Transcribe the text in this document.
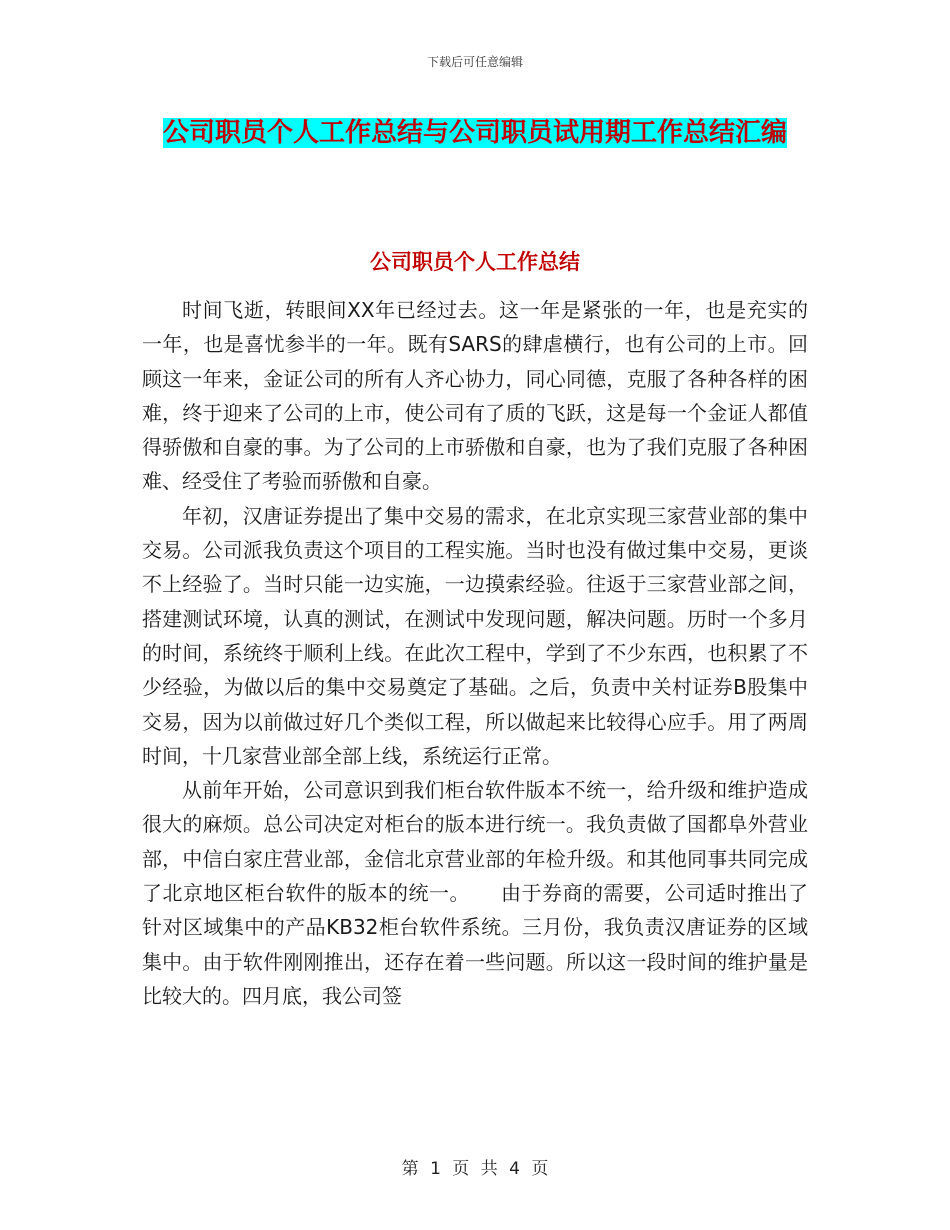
下载后可任意编辑
公司职员个人工作总结与公司职员试用期工作总结汇编
公司职员个人工作总结

时间飞逝，转眼间XX年已经过去。这一年是紧张的一年，也是充实的一年，也是喜忧参半的一年。既有SARS的肆虐横行，也有公司的上市。回顾这一年来，金证公司的所有人齐心协力，同心同德，克服了各种各样的困难，终于迎来了公司的上市，使公司有了质的飞跃，这是每一个金证人都值得骄傲和自豪的事。为了公司的上市骄傲和自豪，也为了我们克服了各种困难、经受住了考验而骄傲和自豪。

年初，汉唐证券提出了集中交易的需求，在北京实现三家营业部的集中交易。公司派我负责这个项目的工程实施。当时也没有做过集中交易，更谈不上经验了。当时只能一边实施，一边摸索经验。往返于三家营业部之间，搭建测试环境，认真的测试，在测试中发现问题，解决问题。历时一个多月的时间，系统终于顺利上线。在此次工程中，学到了不少东西，也积累了不少经验，为做以后的集中交易奠定了基础。之后，负责中关村证券B股集中交易，因为以前做过好几个类似工程，所以做起来比较得心应手。用了两周时间，十几家营业部全部上线，系统运行正常。

从前年开始，公司意识到我们柜台软件版本不统一，给升级和维护造成很大的麻烦。总公司决定对柜台的版本进行统一。我负责做了国都阜外营业部，中信白家庄营业部，金信北京营业部的年检升级。和其他同事共同完成了北京地区柜台软件的版本的统一。　　由于券商的需要，公司适时推出了针对区域集中的产品KB32柜台软件系统。三月份，我负责汉唐证券的区域集中。由于软件刚刚推出，还存在着一些问题。所以这一段时间的维护量是比较大的。四月底，我公司签

第 1 页 共 4 页
